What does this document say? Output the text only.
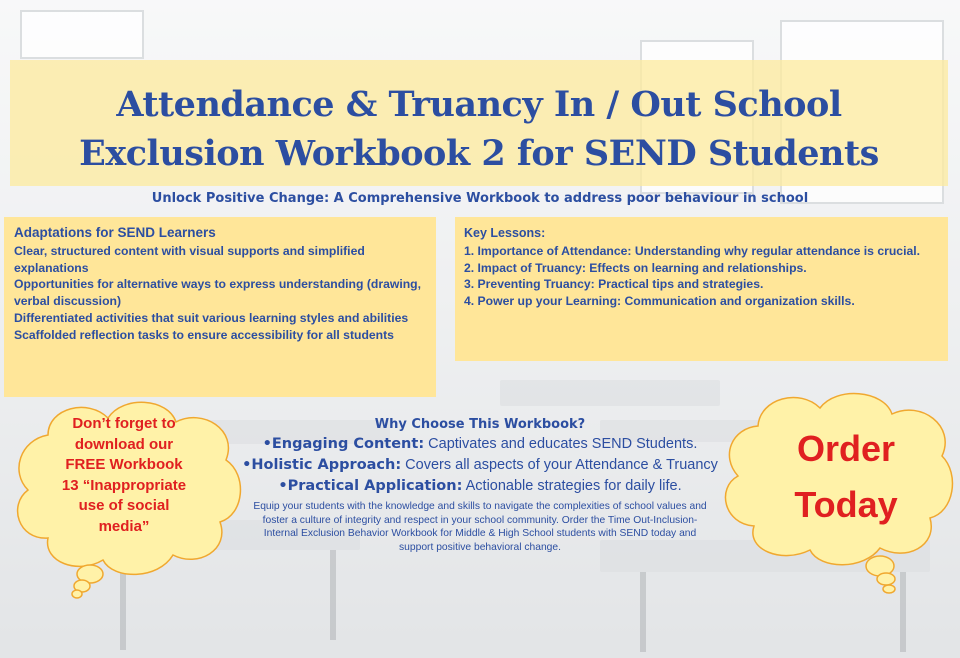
Attendance & Truancy In / Out School
Exclusion Workbook 2 for SEND Students
Unlock Positive Change: A Comprehensive Workbook to address poor behaviour in school
Adaptations for SEND Learners
Clear, structured content with visual supports and simplified explanations
Opportunities for alternative ways to express understanding (drawing, verbal discussion)
Differentiated activities that suit various learning styles and abilities
Scaffolded reflection tasks to ensure accessibility for all students
Key Lessons:
1. Importance of Attendance: Understanding why regular attendance is crucial.
2. Impact of Truancy: Effects on learning and relationships.
3. Preventing Truancy: Practical tips and strategies.
4. Power up your Learning: Communication and organization skills.
Why Choose This Workbook?
•Engaging Content: Captivates and educates SEND Students.
•Holistic Approach: Covers all aspects of your Attendance & Truancy
•Practical Application: Actionable strategies for daily life.
Equip your students with the knowledge and skills to navigate the complexities of school values and foster a culture of integrity and respect in your school community. Order the Time Out-Inclusion- Internal Exclusion Behavior Workbook for Middle & High School students with SEND today and support positive behavioral change.
Don’t forget to
download our
FREE Workbook
13 “Inappropriate
use of social
media”
Order
Today
